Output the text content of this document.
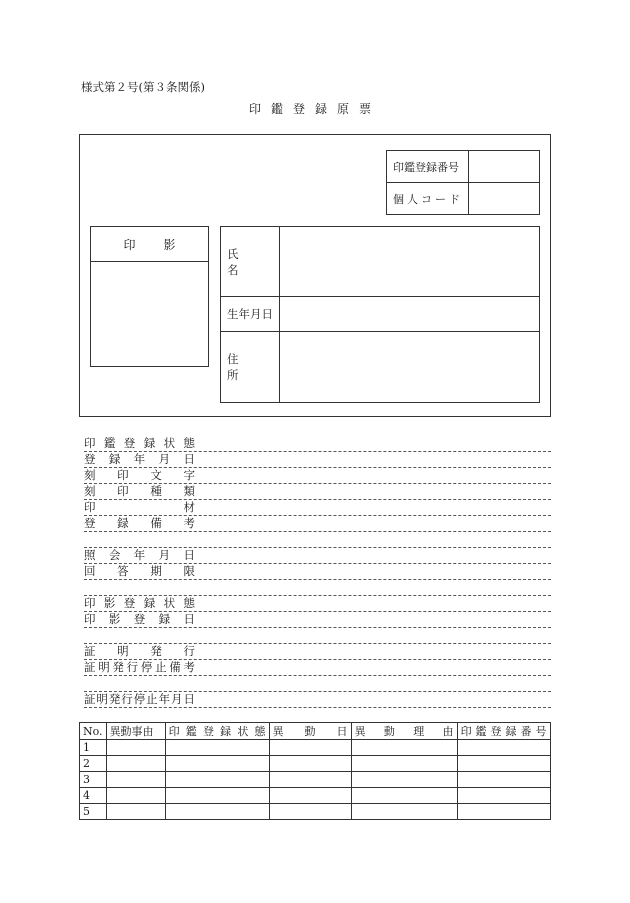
様式第２号(第３条関係)
印鑑登録原票
印鑑登録番号	
個人コード	
印影
氏名	
生年月日	
住所	
印鑑登録状態
登録年月日
刻印文字
刻印種類
印材
登録備考
照会年月日
回答期限
印影登録状態
印影登録日
証明発行
証明発行停止備考
証明発行停止年月日
No.	異動事由	印鑑登録状態	異動日	異動理由	印鑑登録番号
1					
2					
3					
4					
5					
